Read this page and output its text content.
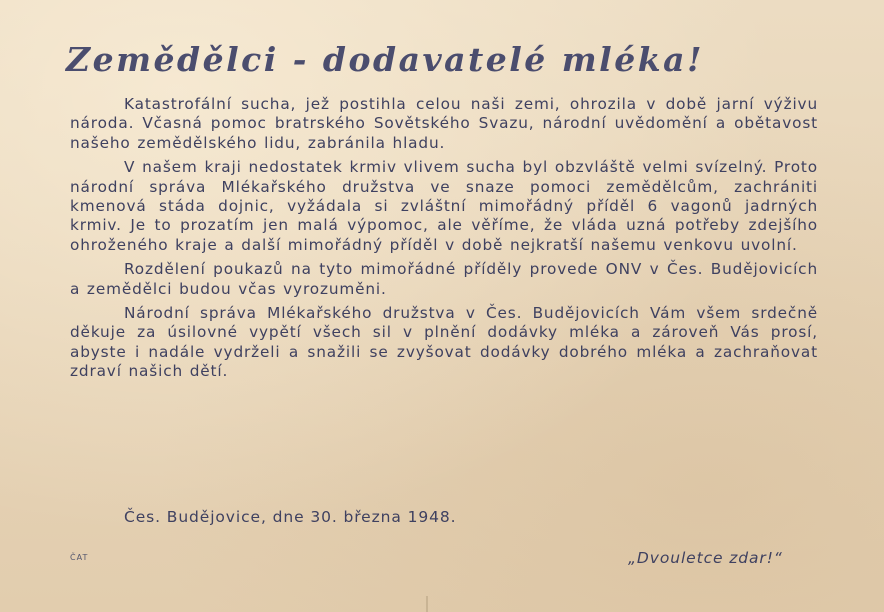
Zemědělci - dodavatelé mléka!

Katastrofální sucha, jež postihla celou naši zemi, ohrozila v době jarní výživu národa. Včasná pomoc bratrského Sovětského Svazu, národní uvědomění a obětavost našeho zemědělského lidu, zabránila hladu.

V našem kraji nedostatek krmiv vlivem sucha byl obzvláště velmi svízelný. Proto národní správa Mlékařského družstva ve snaze pomoci zemědělcům, zachrániti kmenová stáda dojnic, vyžádala si zvláštní mimořádný příděl 6 vagonů jadrných krmiv. Je to prozatím jen malá výpomoc, ale věříme, že vláda uzná potřeby zdejšího ohroženého kraje a další mimořádný příděl v době nejkratší našemu venkovu uvolní.

Rozdělení poukazů na tyto mimořádné příděly provede ONV v Čes. Budějovicích a zemědělci budou včas vyrozuměni.

Národní správa Mlékařského družstva v Čes. Budějovicích Vám všem srdečně děkuje za úsilovné vypětí všech sil v plnění dodávky mléka a zároveň Vás prosí, abyste i nadále vydrželi a snažili se zvyšovat dodávky dobrého mléka a zachraňovat zdraví našich dětí.

Čes. Budějovice, dne 30. března 1948.
ČAT	„Dvouletce zdar!“
